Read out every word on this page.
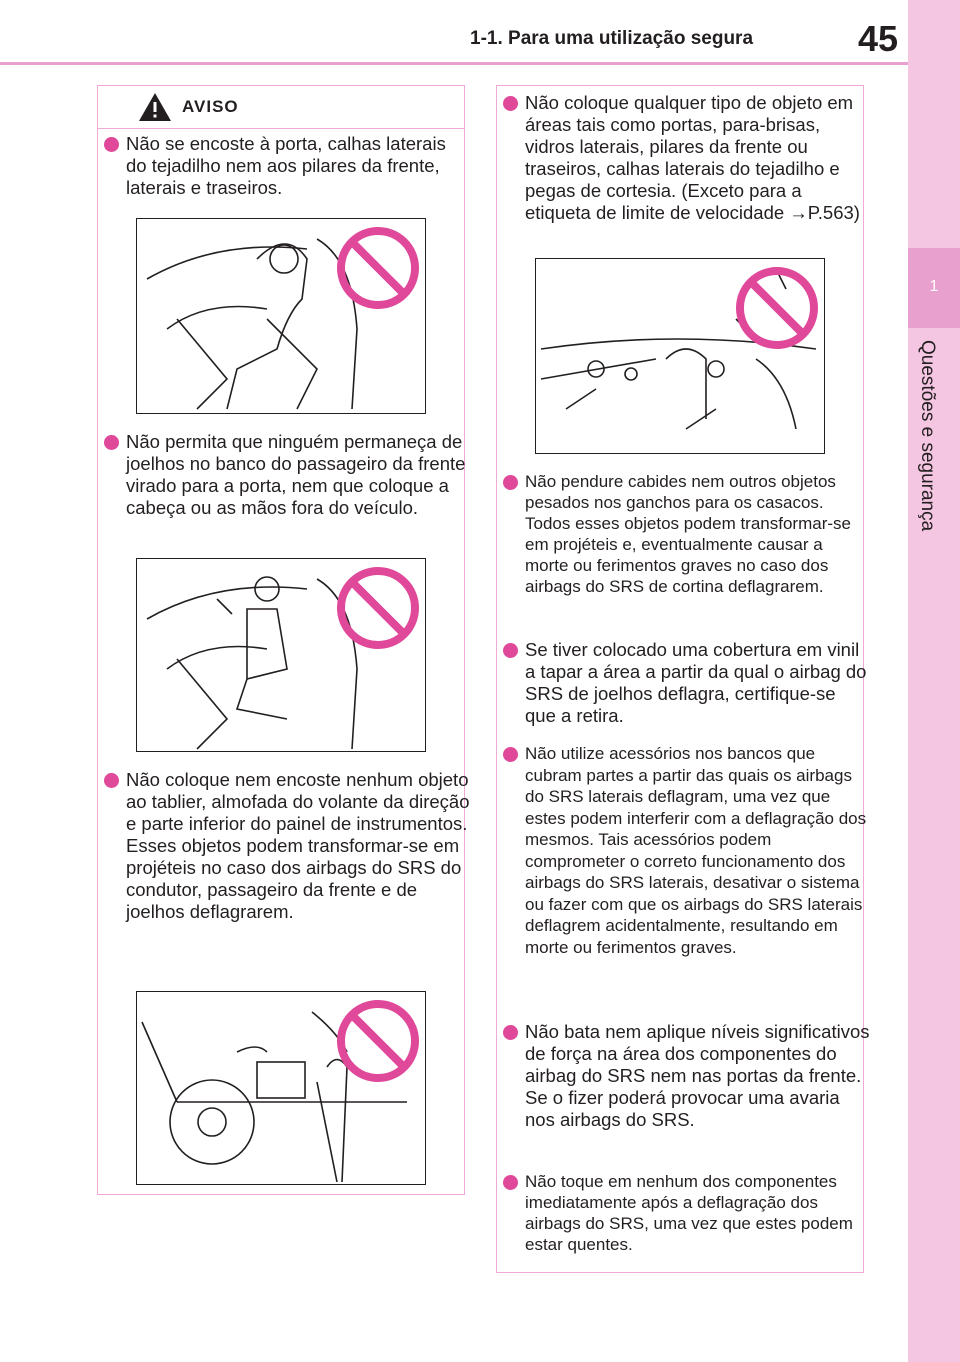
1-1. Para uma utilização segura	45
1
Questões e segurança
AVISO
Não se encoste à porta, calhas laterais do tejadilho nem aos pilares da frente, laterais e traseiros.
Não permita que ninguém permaneça de joelhos no banco do passageiro da frente virado para a porta, nem que coloque a cabeça ou as mãos fora do veículo.
Não coloque nem encoste nenhum objeto ao tablier, almofada do volante da direção e parte inferior do painel de instrumentos. Esses objetos podem transformar-se em projéteis no caso dos airbags do SRS do condutor, passageiro da frente e de joelhos deflagrarem.
Não coloque qualquer tipo de objeto em áreas tais como portas, para-brisas, vidros laterais, pilares da frente ou traseiros, calhas laterais do tejadilho e pegas de cortesia. (Exceto para a etiqueta de limite de velocidade →P.563)
Não pendure cabides nem outros objetos pesados nos ganchos para os casacos. Todos esses objetos podem transformar-se em projéteis e, eventualmente causar a morte ou ferimentos graves no caso dos airbags do SRS de cortina deflagrarem.
Se tiver colocado uma cobertura em vinil a tapar a área a partir da qual o airbag do SRS de joelhos deflagra, certifique-se que a retira.
Não utilize acessórios nos bancos que cubram partes a partir das quais os airbags do SRS laterais deflagram, uma vez que estes podem interferir com a deflagração dos mesmos. Tais acessórios podem comprometer o correto funcionamento dos airbags do SRS laterais, desativar o sistema ou fazer com que os airbags do SRS laterais deflagrem acidentalmente, resultando em morte ou ferimentos graves.
Não bata nem aplique níveis significativos de força na área dos componentes do airbag do SRS nem nas portas da frente. Se o fizer poderá provocar uma avaria nos airbags do SRS.
Não toque em nenhum dos componentes imediatamente após a deflagração dos airbags do SRS, uma vez que estes podem estar quentes.
